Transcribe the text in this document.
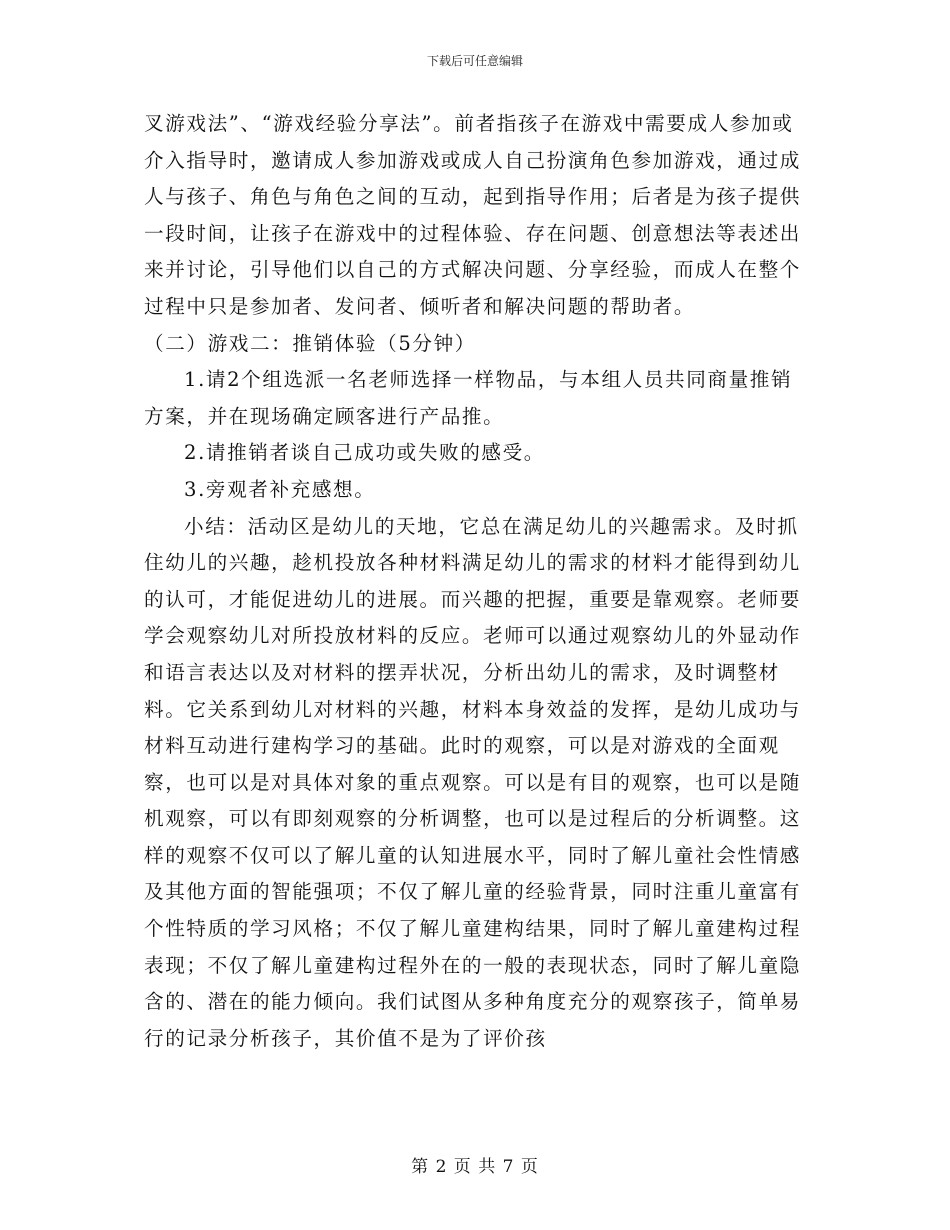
下载后可任意编辑

叉游戏法”、“游戏经验分享法”。前者指孩子在游戏中需要成人参加或介入指导时，邀请成人参加游戏或成人自己扮演角色参加游戏，通过成人与孩子、角色与角色之间的互动，起到指导作用；后者是为孩子提供一段时间，让孩子在游戏中的过程体验、存在问题、创意想法等表述出来并讨论，引导他们以自己的方式解决问题、分享经验，而成人在整个过程中只是参加者、发问者、倾听者和解决问题的帮助者。

（二）游戏二：推销体验（5分钟）

1.请2个组选派一名老师选择一样物品，与本组人员共同商量推销方案，并在现场确定顾客进行产品推。

2.请推销者谈自己成功或失败的感受。

3.旁观者补充感想。

小结：活动区是幼儿的天地，它总在满足幼儿的兴趣需求。及时抓住幼儿的兴趣，趁机投放各种材料满足幼儿的需求的材料才能得到幼儿的认可，才能促进幼儿的进展。而兴趣的把握，重要是靠观察。老师要学会观察幼儿对所投放材料的反应。老师可以通过观察幼儿的外显动作和语言表达以及对材料的摆弄状况，分析出幼儿的需求，及时调整材料。它关系到幼儿对材料的兴趣，材料本身效益的发挥，是幼儿成功与材料互动进行建构学习的基础。此时的观察，可以是对游戏的全面观察，也可以是对具体对象的重点观察。可以是有目的观察，也可以是随机观察，可以有即刻观察的分析调整，也可以是过程后的分析调整。这样的观察不仅可以了解儿童的认知进展水平，同时了解儿童社会性情感及其他方面的智能强项；不仅了解儿童的经验背景，同时注重儿童富有个性特质的学习风格；不仅了解儿童建构结果，同时了解儿童建构过程表现；不仅了解儿童建构过程外在的一般的表现状态，同时了解儿童隐含的、潜在的能力倾向。我们试图从多种角度充分的观察孩子，简单易行的记录分析孩子，其价值不是为了评价孩

第 2 页 共 7 页
